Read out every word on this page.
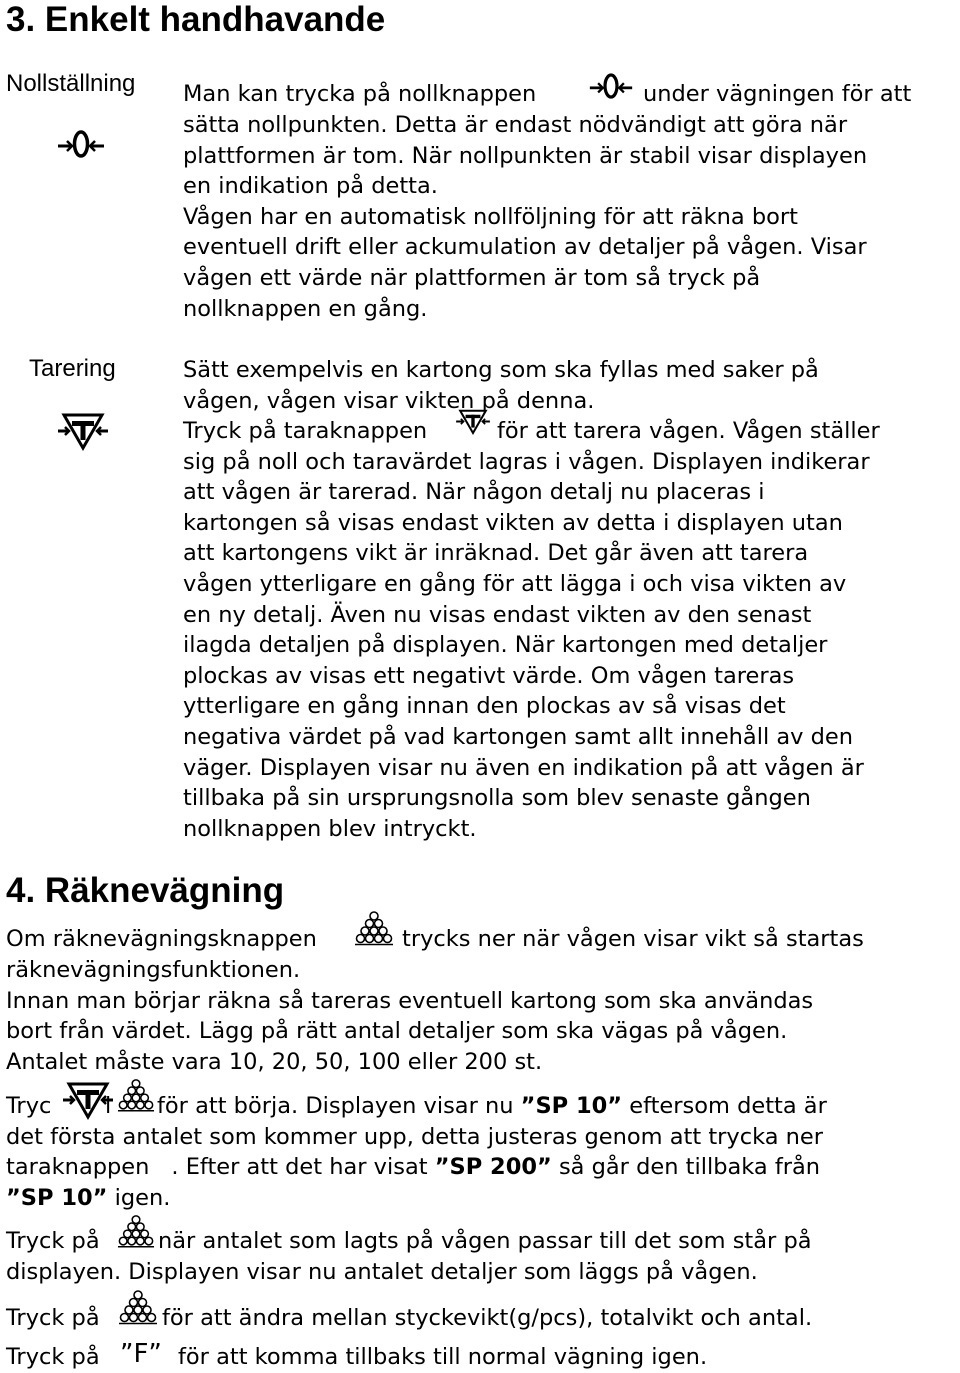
3. Enkelt handhavande
Nollställning
Tarering
Man kan trycka på nollknappen	under vägningen för att
sätta nollpunkten. Detta är endast nödvändigt att göra när
plattformen är tom. När nollpunkten är stabil visar displayen
en indikation på detta.
Vågen har en automatisk nollföljning för att räkna bort
eventuell drift eller ackumulation av detaljer på vågen. Visar
vågen ett värde när plattformen är tom så tryck på
nollknappen en gång.
Sätt exempelvis en kartong som ska fyllas med saker på
vågen, vågen visar vikten på denna.
Tryck på taraknappen	för att tarera vågen. Vågen ställer
sig på noll och taravärdet lagras i vågen. Displayen indikerar
att vågen är tarerad. När någon detalj nu placeras i
kartongen så visas endast vikten av detta i displayen utan
att kartongens vikt är inräknad. Det går även att tarera
vågen ytterligare en gång för att lägga i och visa vikten av
en ny detalj. Även nu visas endast vikten av den senast
ilagda detaljen på displayen. När kartongen med detaljer
plockas av visas ett negativt värde. Om vågen tareras
ytterligare en gång innan den plockas av så visas det
negativa värdet på vad kartongen samt allt innehåll av den
väger. Displayen visar nu även en indikation på att vågen är
tillbaka på sin ursprungsnolla som blev senaste gången
nollknappen blev intryckt.
4. Räknevägning
Om räknevägningsknappen	trycks ner när vågen visar vikt så startas
räknevägningsfunktionen.
Innan man börjar räkna så tareras eventuell kartong som ska användas
bort från värdet. Lägg på rätt antal detaljer som ska vägas på vågen.
Antalet måste vara 10, 20, 50, 100 eller 200 st.
Tryc i för att börja. Displayen visar nu ”SP 10” eftersom detta är
det första antalet som kommer upp, detta justeras genom att trycka ner
taraknappen . Efter att det har visat ”SP 200” så går den tillbaka från
”SP 10” igen.
Tryck på	när antalet som lagts på vågen passar till det som står på
displayen. Displayen visar nu antalet detaljer som läggs på vågen.
Tryck på	för att ändra mellan styckevikt(g/pcs), totalvikt och antal.
Tryck på ”F” för att komma tillbaks till normal vägning igen.
